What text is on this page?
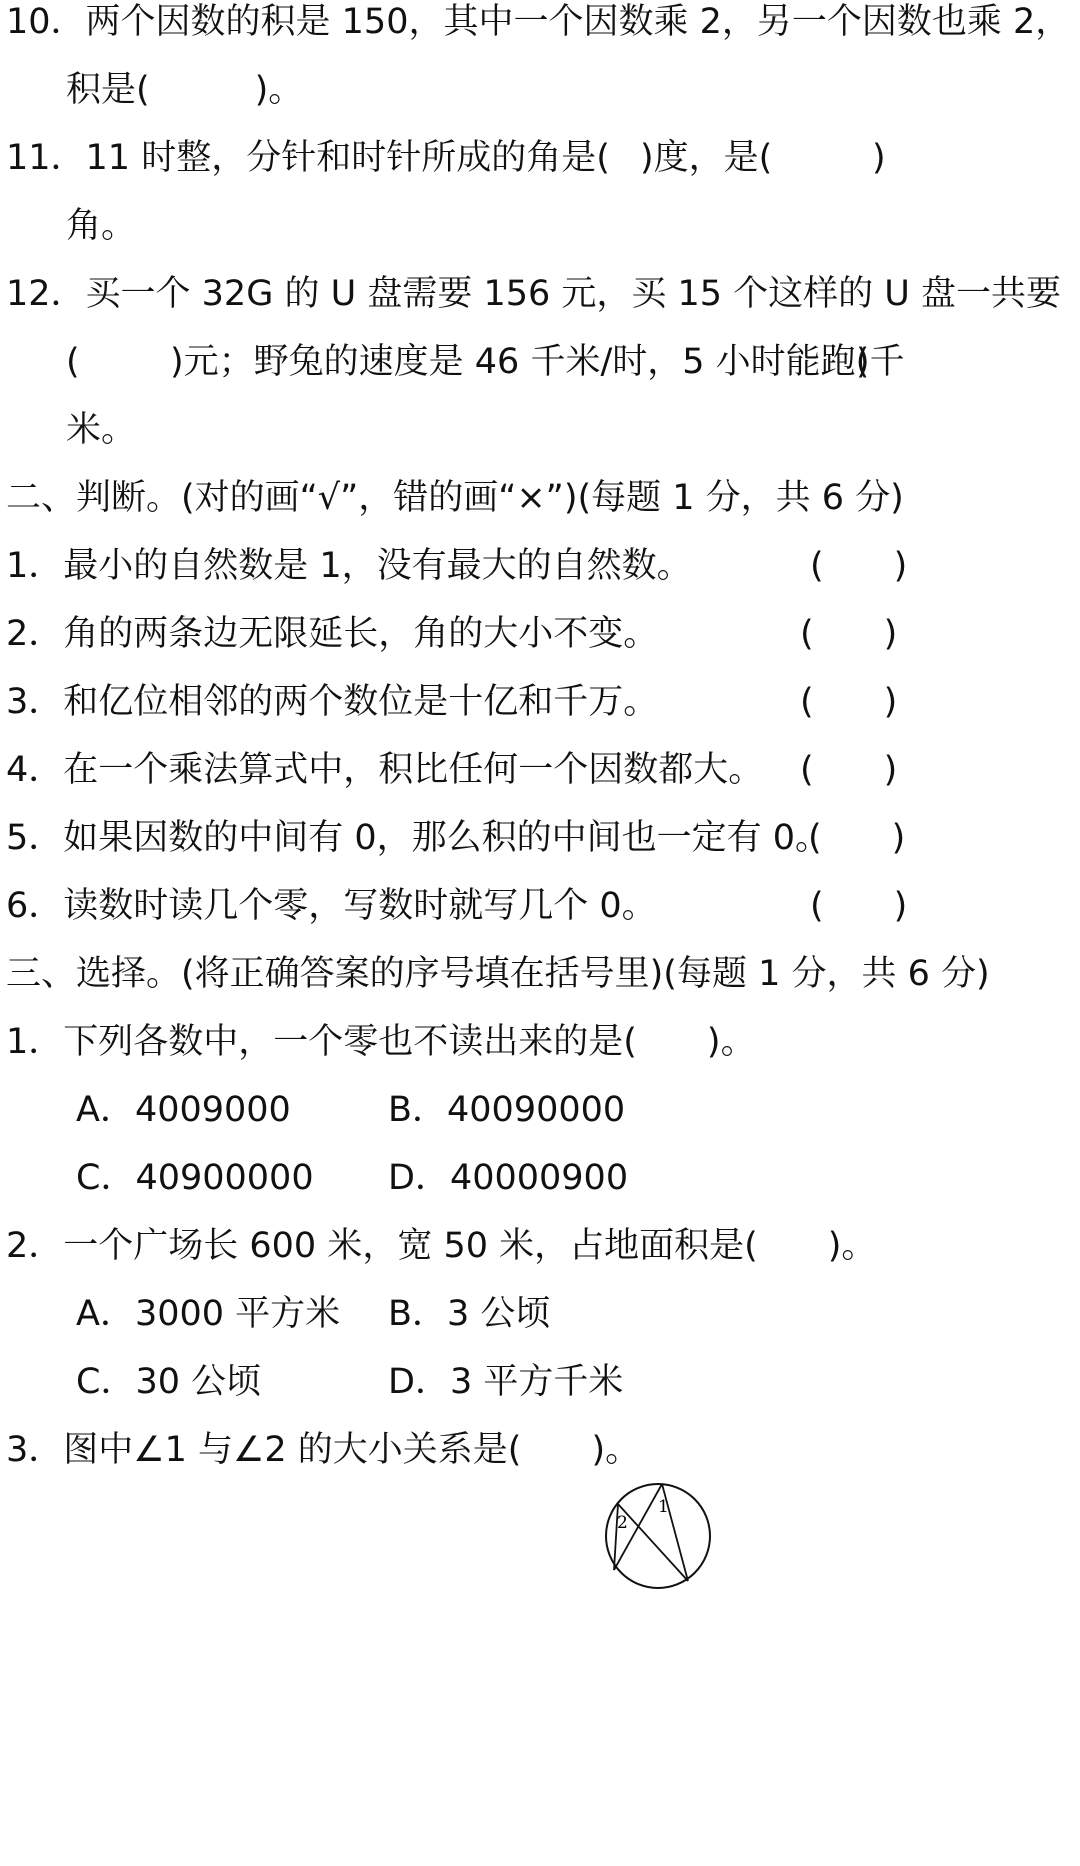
10．两个因数的积是 150，其中一个因数乘 2，另一个因数也乘 2，
积是(　　　)。
11．11 时整，分针和时针所成的角是( )度，是(	)
角。
12．买一个 32G 的 U 盘需要 156 元，买 15 个这样的 U 盘一共要
(	)元；野兔的速度是 46 千米/时，5 小时能跑(
)千
米。
二、判断。(对的画“√”，错的画“×”)(每题 1 分，共 6 分)
1．最小的自然数是 1，没有最大的自然数。	(　　)
2．角的两条边无限延长，角的大小不变。	(　　)
3．和亿位相邻的两个数位是十亿和千万。	(　　)
4．在一个乘法算式中，积比任何一个因数都大。 (　　)
5．如果因数的中间有 0，那么积的中间也一定有 0。
(　　)
6．读数时读几个零，写数时就写几个 0。	(　　)
三、选择。(将正确答案的序号填在括号里)(每题 1 分，共 6 分)
1．下列各数中，一个零也不读出来的是(　　)。
A．4009000	B．40090000
C．40900000 D．40000900
2．一个广场长 600 米，宽 50 米，占地面积是(　　)。
A．3000 平方米 B．3 公顷
C．30 公顷	D．3 平方千米
3．图中∠1 与∠2 的大小关系是(　　)。
1
2
